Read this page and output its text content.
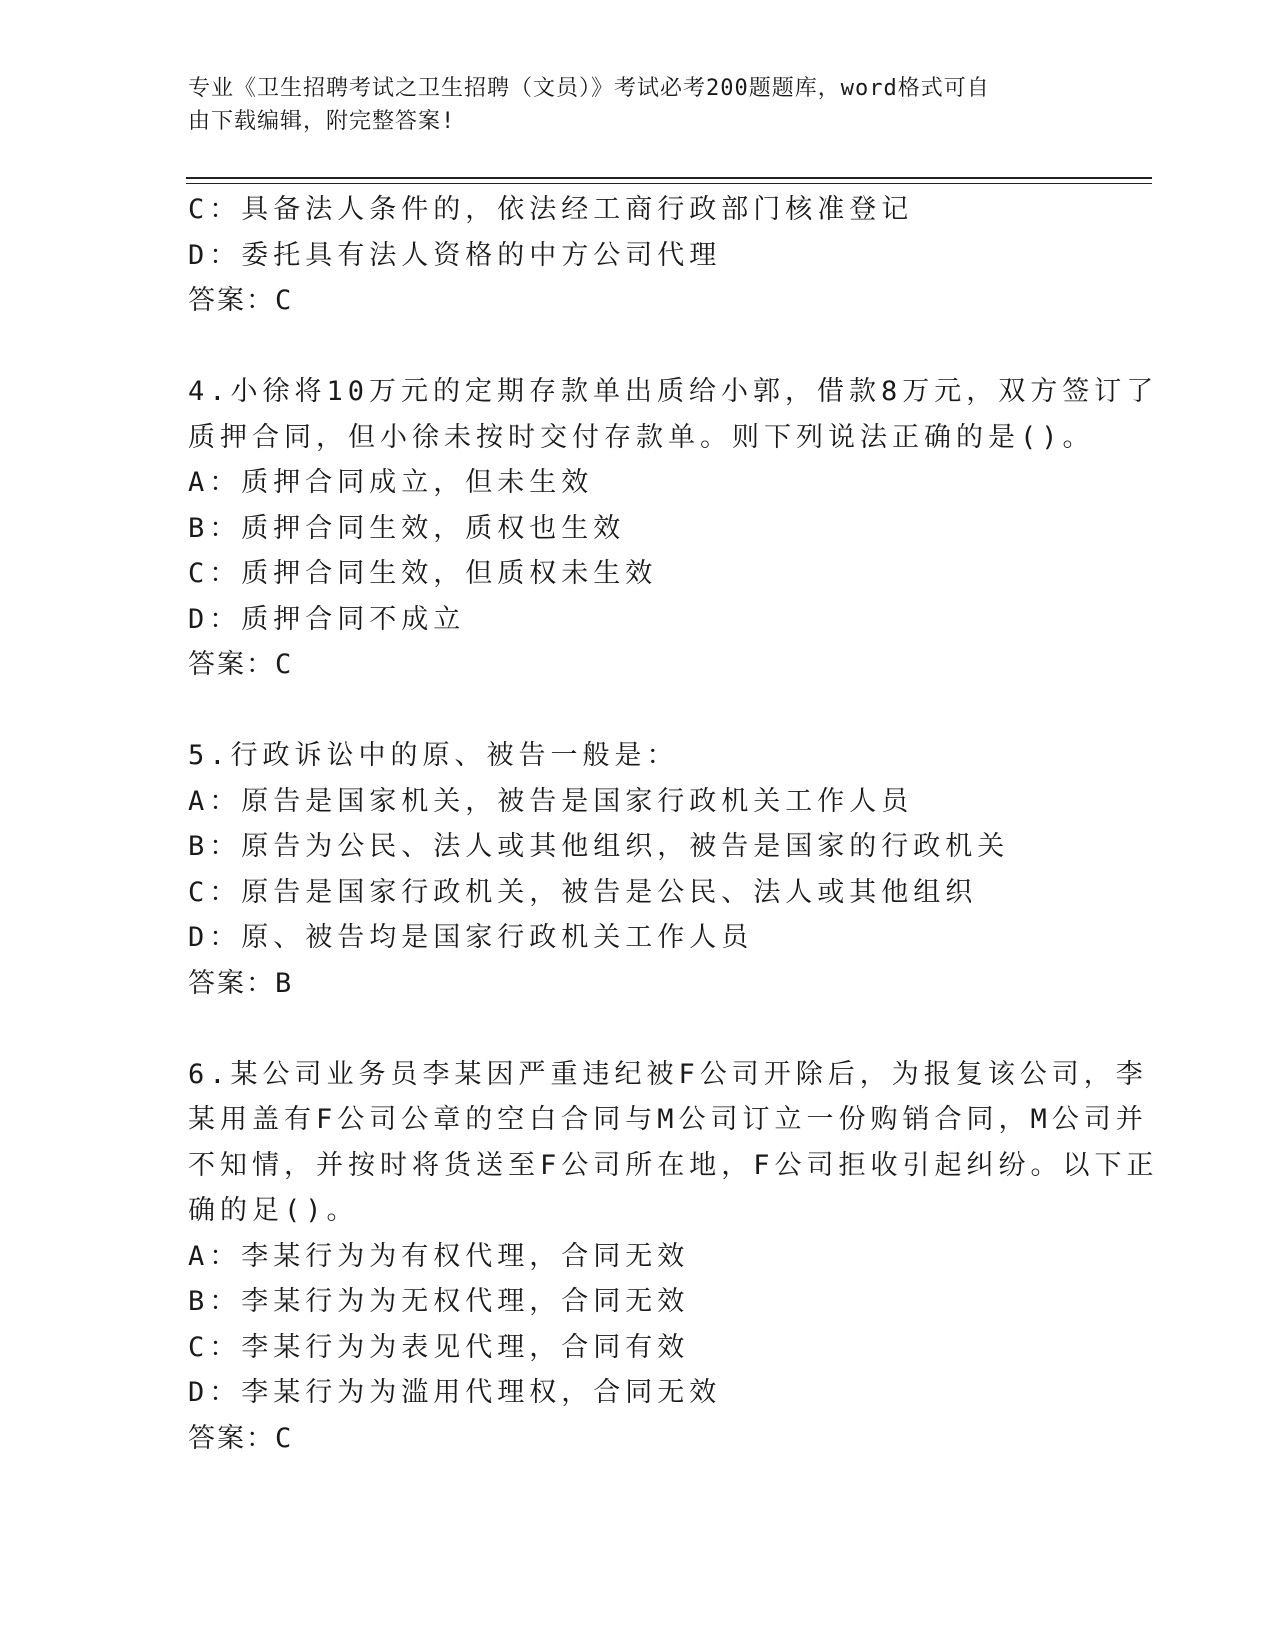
专业《卫生招聘考试之卫生招聘（文员）》考试必考200题题库，word格式可自
由下载编辑，附完整答案!
C：具备法人条件的，依法经工商行政部门核准登记
D：委托具有法人资格的中方公司代理
答案：C
4.小徐将10万元的定期存款单出质给小郭，借款8万元，双方签订了
质押合同，但小徐未按时交付存款单。则下列说法正确的是()。
A：质押合同成立，但未生效
B：质押合同生效，质权也生效
C：质押合同生效，但质权未生效
D：质押合同不成立
答案：C
5.行政诉讼中的原、被告一般是：
A：原告是国家机关，被告是国家行政机关工作人员
B：原告为公民、法人或其他组织，被告是国家的行政机关
C：原告是国家行政机关，被告是公民、法人或其他组织
D：原、被告均是国家行政机关工作人员
答案：B
6.某公司业务员李某因严重违纪被F公司开除后，为报复该公司，李
某用盖有F公司公章的空白合同与M公司订立一份购销合同，M公司并
不知情，并按时将货送至F公司所在地，F公司拒收引起纠纷。以下正
确的足()。
A：李某行为为有权代理，合同无效
B：李某行为为无权代理，合同无效
C：李某行为为表见代理，合同有效
D：李某行为为滥用代理权，合同无效
答案：C
